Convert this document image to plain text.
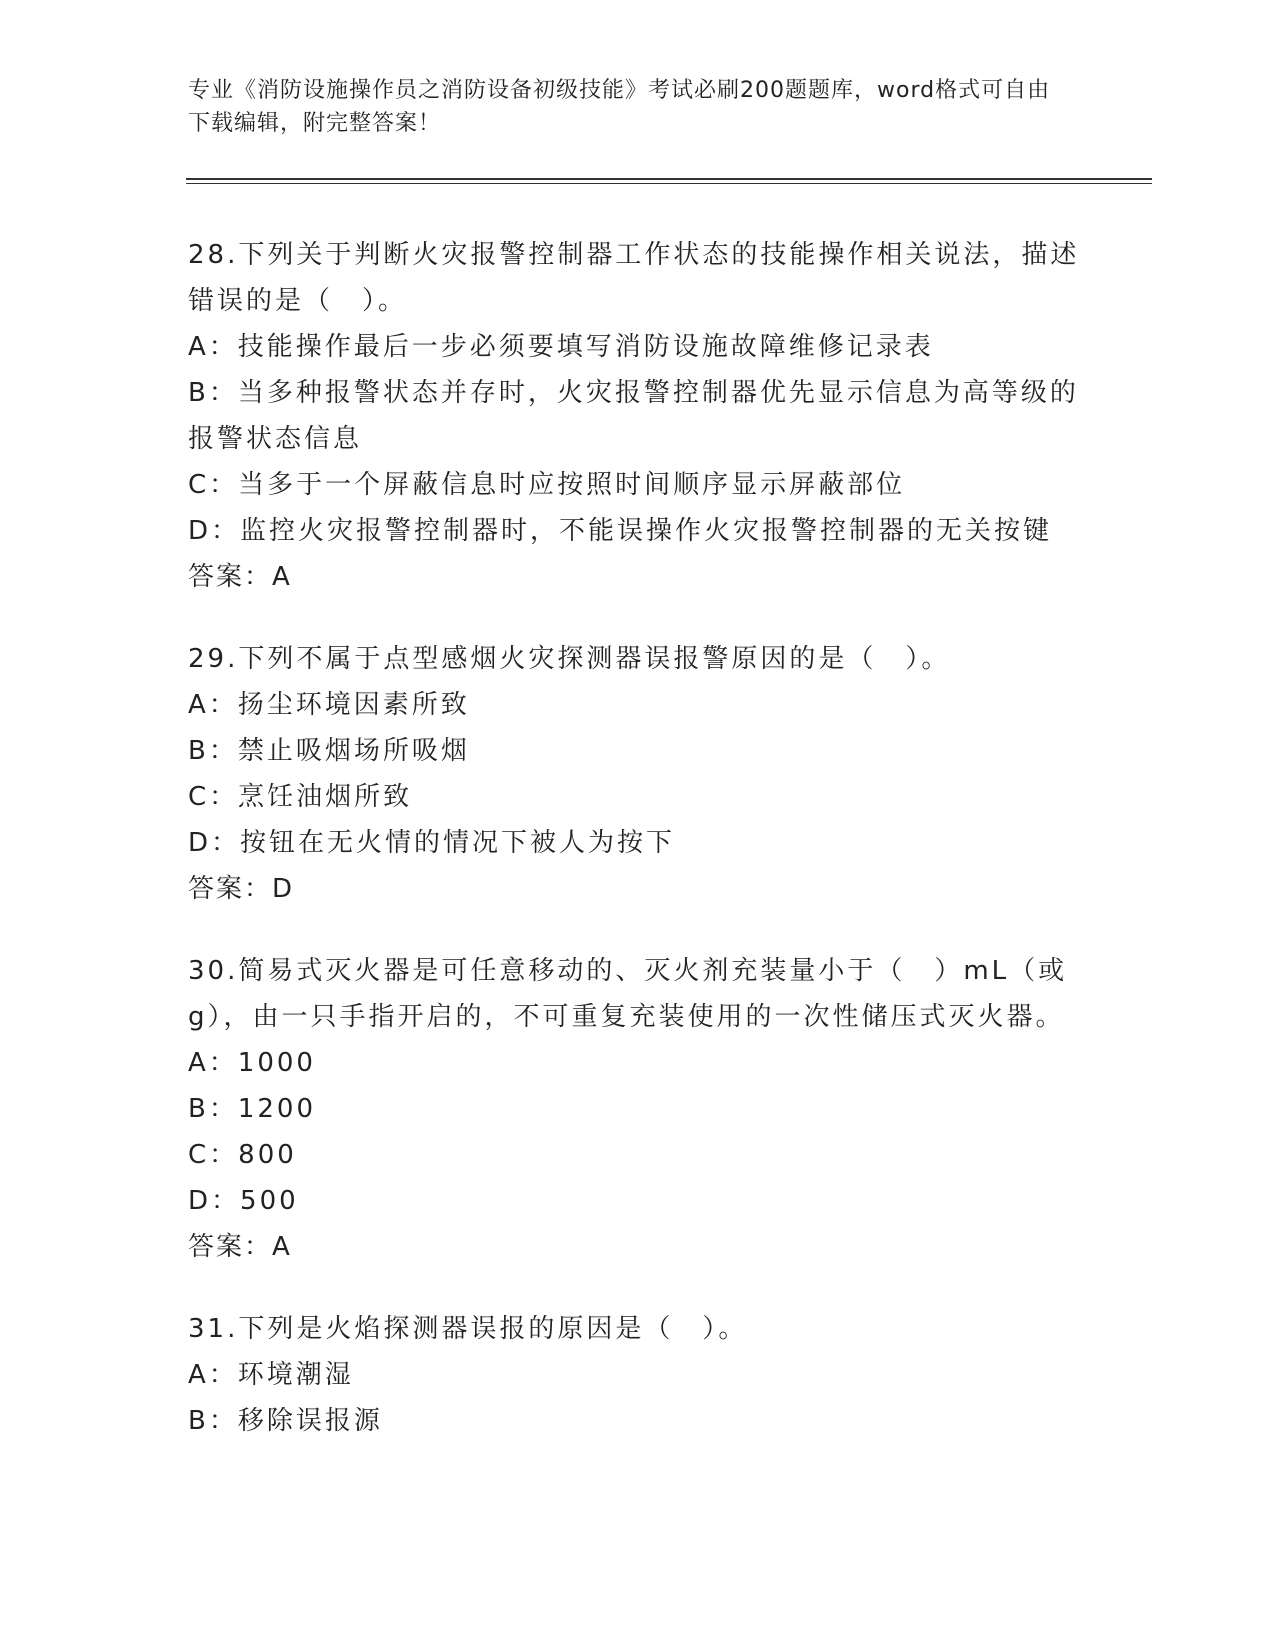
专业《消防设施操作员之消防设备初级技能》考试必刷200题题库，word格式可自由下载编辑，附完整答案！
28.下列关于判断火灾报警控制器工作状态的技能操作相关说法，描述错误的是（　）。
A：技能操作最后一步必须要填写消防设施故障维修记录表
B：当多种报警状态并存时，火灾报警控制器优先显示信息为高等级的报警状态信息
C：当多于一个屏蔽信息时应按照时间顺序显示屏蔽部位
D：监控火灾报警控制器时，不能误操作火灾报警控制器的无关按键
答案：A
29.下列不属于点型感烟火灾探测器误报警原因的是（　）。
A：扬尘环境因素所致
B：禁止吸烟场所吸烟
C：烹饪油烟所致
D：按钮在无火情的情况下被人为按下
答案：D
30.简易式灭火器是可任意移动的、灭火剂充装量小于（　）mL（或g），由一只手指开启的，不可重复充装使用的一次性储压式灭火器。
A：1000
B：1200
C：800
D：500
答案：A
31.下列是火焰探测器误报的原因是（　）。
A：环境潮湿
B：移除误报源
